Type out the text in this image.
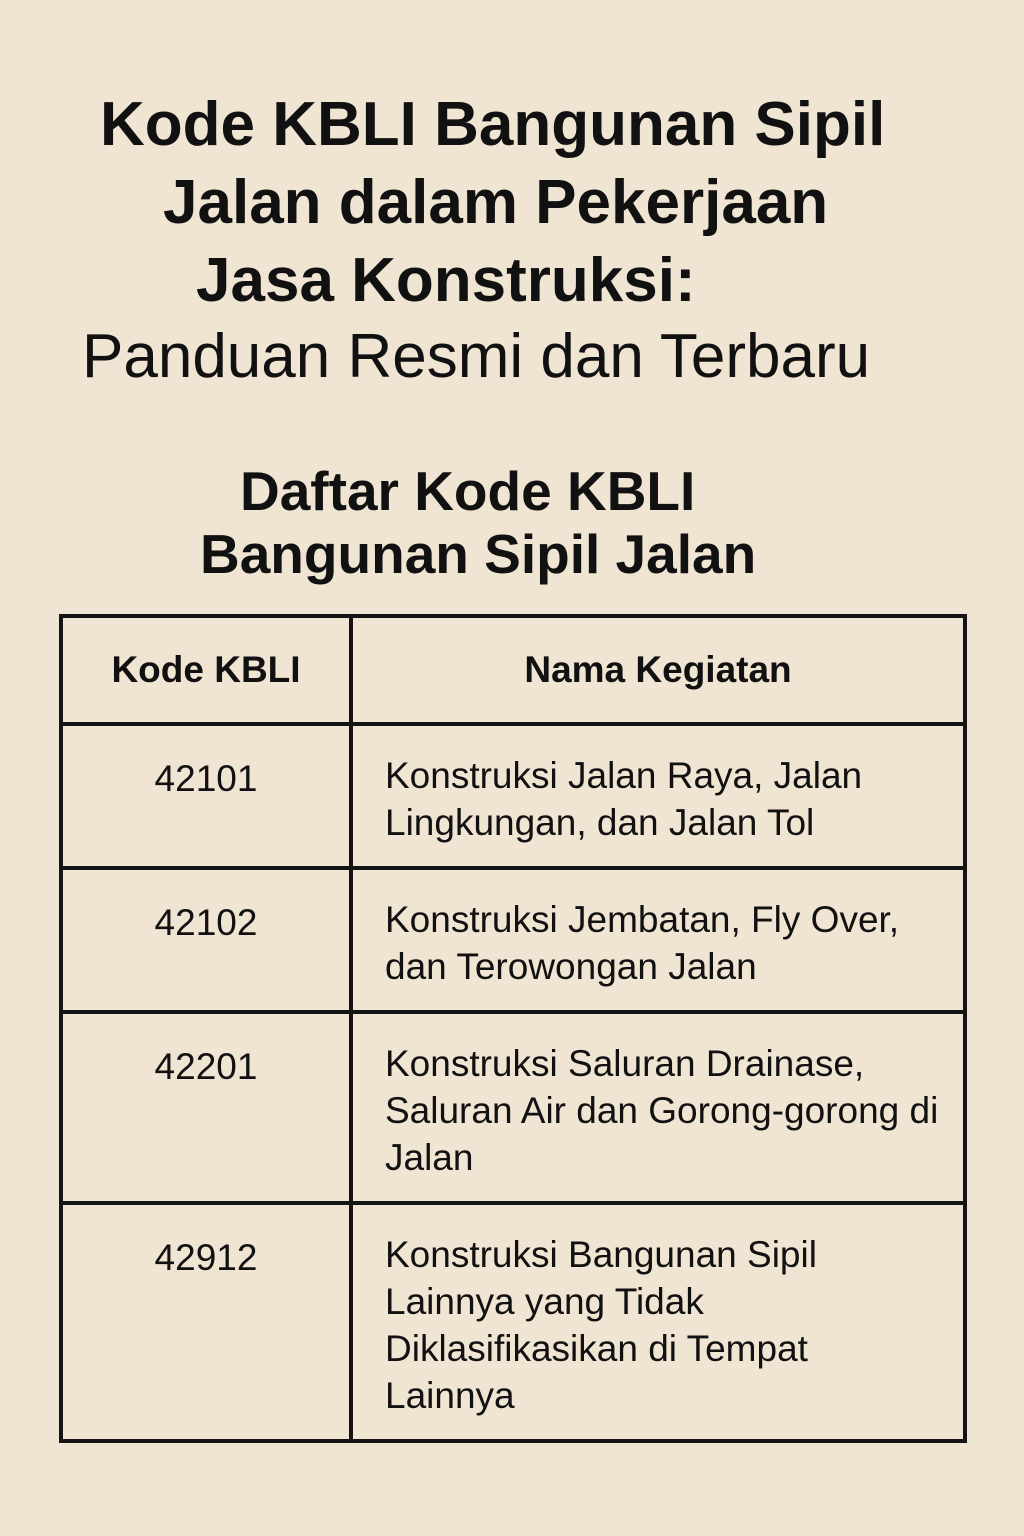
Kode KBLI Bangunan Sipil
Jalan dalam Pekerjaan
Jasa Konstruksi:
Panduan Resmi dan Terbaru
Daftar Kode KBLI
Bangunan Sipil Jalan
Kode KBLI	Nama Kegiatan
42101	Konstruksi Jalan Raya, Jalan Lingkungan, dan Jalan Tol
42102	Konstruksi Jembatan, Fly Over, dan Terowongan Jalan
42201	Konstruksi Saluran Drainase, Saluran Air dan Gorong-gorong di Jalan
42912	Konstruksi Bangunan Sipil Lainnya yang Tidak Diklasifikasikan di Tempat Lainnya
